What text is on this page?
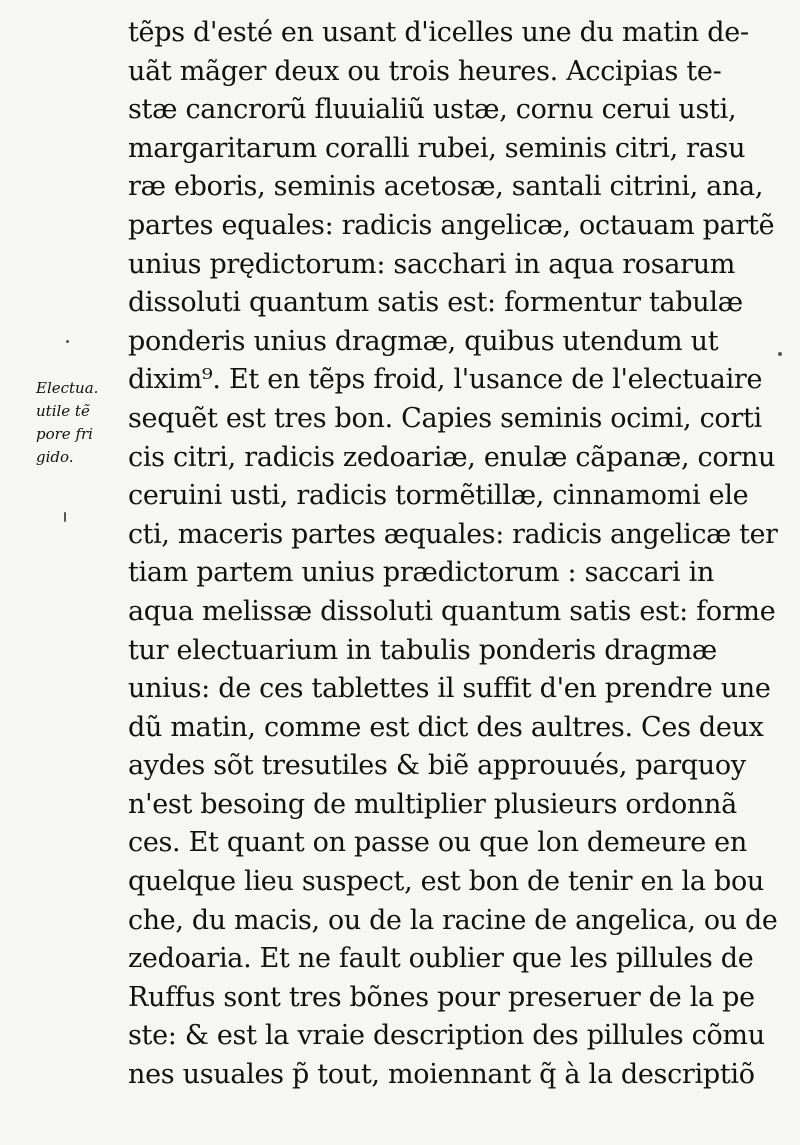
Electua.
utile tẽ
pore fri
gido.
tẽps d'esté en usant d'icelles une du matin de-
uãt mãger deux ou trois heures. Accipias te-
stæ cancrorũ fluuialiũ ustæ, cornu cerui usti,
margaritarum coralli rubei, seminis citri, rasu
ræ eboris, seminis acetosæ, santali citrini, ana,
partes equales: radicis angelicæ, octauam partẽ
unius prędictorum: sacchari in aqua rosarum
dissoluti quantum satis est: formentur tabulæ
ponderis unius dragmæ, quibus utendum ut
dixim⁹. Et en tẽps froid, l'usance de l'electuaire
sequẽt est tres bon. Capies seminis ocimi, corti
cis citri, radicis zedoariæ, enulæ cãpanæ, cornu
ceruini usti, radicis tormẽtillæ, cinnamomi ele
cti, maceris partes æquales: radicis angelicæ ter
tiam partem unius prædictorum : saccari in
aqua melissæ dissoluti quantum satis est: forme
tur electuarium in tabulis ponderis dragmæ
unius: de ces tablettes il suffit d'en prendre une
dũ matin, comme est dict des aultres. Ces deux
aydes sõt tresutiles & biẽ approuués, parquoy
n'est besoing de multiplier plusieurs ordonnã
ces. Et quant on passe ou que lon demeure en
quelque lieu suspect, est bon de tenir en la bou
che, du macis, ou de la racine de angelica, ou de
zedoaria. Et ne fault oublier que les pillules de
Ruffus sont tres bõnes pour preseruer de la pe
ste: & est la vraie description des pillules cõmu
nes usuales p̃ tout, moiennant q̃ à la descriptiõ
